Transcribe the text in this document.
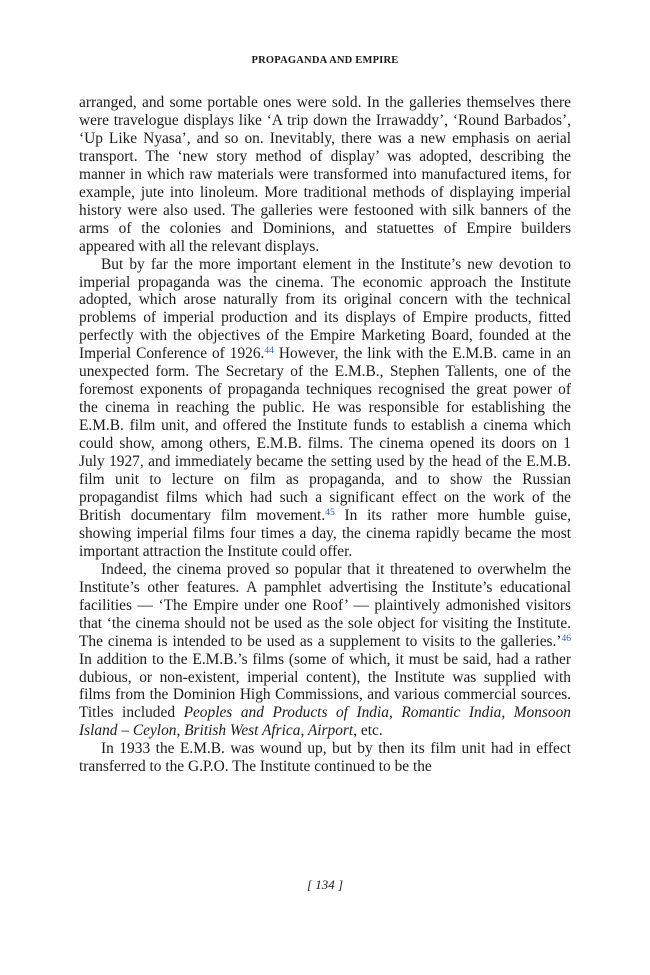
PROPAGANDA AND EMPIRE

arranged, and some portable ones were sold. In the galleries themselves there were travelogue displays like ‘A trip down the Irrawaddy’, ‘Round Barbados’, ‘Up Like Nyasa’, and so on. Inevitably, there was a new emphasis on aerial transport. The ‘new story method of display’ was adopted, describing the manner in which raw materials were transformed into manufactured items, for example, jute into linoleum. More traditional methods of displaying imperial history were also used. The galleries were festooned with silk banners of the arms of the colonies and Dominions, and statuettes of Empire builders appeared with all the relevant displays.

But by far the more important element in the Institute’s new devotion to imperial propaganda was the cinema. The economic approach the Institute adopted, which arose naturally from its original concern with the technical problems of imperial production and its displays of Empire products, fitted perfectly with the objectives of the Empire Marketing Board, founded at the Imperial Conference of 1926.44 However, the link with the E.M.B. came in an unexpected form. The Secretary of the E.M.B., Stephen Tallents, one of the foremost exponents of propaganda techniques recognised the great power of the cinema in reaching the public. He was responsible for establishing the E.M.B. film unit, and offered the Institute funds to establish a cinema which could show, among others, E.M.B. films. The cinema opened its doors on 1 July 1927, and immediately became the setting used by the head of the E.M.B. film unit to lecture on film as propaganda, and to show the Russian propagandist films which had such a significant effect on the work of the British documentary film movement.$^{45}$ In its rather more humble guise, showing imperial films four times a day, the cinema rapidly became the most important attraction the Institute could offer.

Indeed, the cinema proved so popular that it threatened to overwhelm the Institute’s other features. A pamphlet advertising the Institute’s educational facilities — ‘The Empire under one Roof’ — plaintively admonished visitors that ‘the cinema should not be used as the sole object for visiting the Institute. The cinema is intended to be used as a supplement to visits to the galleries.’$^{46}$ In addition to the E.M.B.’s films (some of which, it must be said, had a rather dubious, or non-existent, imperial content), the Institute was supplied with films from the Dominion High Commissions, and various commercial sources. Titles included Peoples and Products of India, Romantic India, Monsoon Island – Ceylon, British West Africa, Airport, etc.

In 1933 the E.M.B. was wound up, but by then its film unit had in effect transferred to the G.P.O. The Institute continued to be the

[ 134 ]
